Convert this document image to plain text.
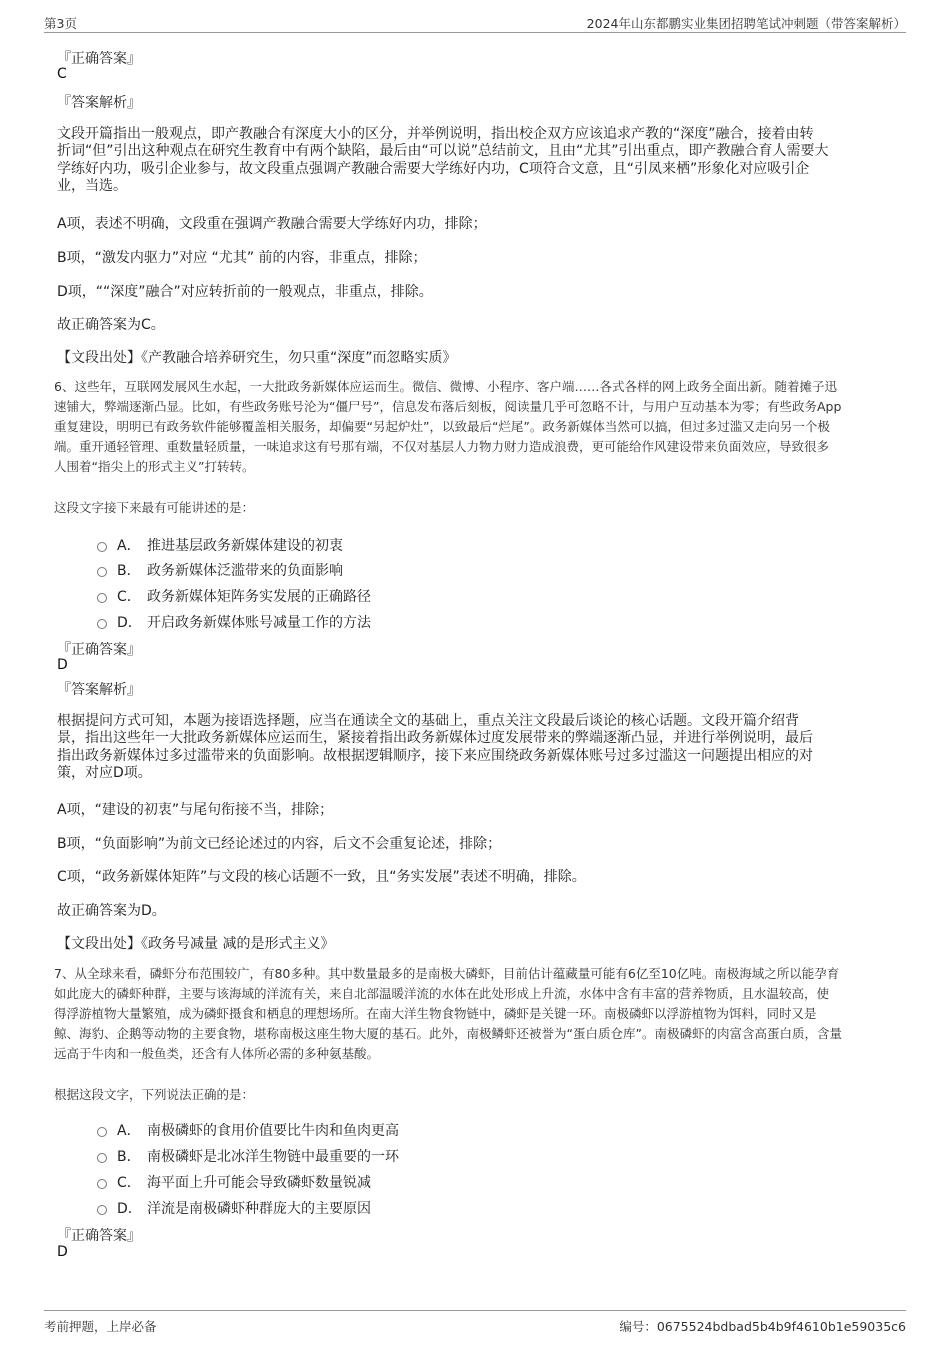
第3页	2024年山东都鹏实业集团招聘笔试冲刺题（带答案解析）
『正确答案』
C
『答案解析』
文段开篇指出一般观点，即产教融合有深度大小的区分，并举例说明，指出校企双方应该追求产教的“深度”融合，接着由转
折词“但”引出这种观点在研究生教育中有两个缺陷，最后由“可以说”总结前文，且由“尤其”引出重点，即产教融合育人需要大
学练好内功，吸引企业参与，故文段重点强调产教融合需要大学练好内功，C项符合文意，且“引凤来栖”形象化对应吸引企
业，当选。
A项，表述不明确，文段重在强调产教融合需要大学练好内功，排除；
B项，“激发内驱力”对应 “尤其” 前的内容，非重点，排除；
D项，““深度”融合”对应转折前的一般观点，非重点，排除。
故正确答案为C。
【文段出处】《产教融合培养研究生，勿只重“深度”而忽略实质》
6、这些年，互联网发展风生水起，一大批政务新媒体应运而生。微信、微博、小程序、客户端……各式各样的网上政务全面出新。随着摊子迅
速铺大，弊端逐渐凸显。比如，有些政务账号沦为“僵尸号”，信息发布落后刻板，阅读量几乎可忽略不计，与用户互动基本为零；有些政务App
重复建设，明明已有政务软件能够覆盖相关服务，却偏要“另起炉灶”，以致最后“烂尾”。政务新媒体当然可以搞，但过多过滥又走向另一个极
端。重开通轻管理、重数量轻质量，一味追求这有号那有端，不仅对基层人力物力财力造成浪费，更可能给作风建设带来负面效应，导致很多
人围着“指尖上的形式主义”打转转。
这段文字接下来最有可能讲述的是：
A． 推进基层政务新媒体建设的初衷
B． 政务新媒体泛滥带来的负面影响
C． 政务新媒体矩阵务实发展的正确路径
D． 开启政务新媒体账号减量工作的方法
『正确答案』
D
『答案解析』
根据提问方式可知，本题为接语选择题，应当在通读全文的基础上，重点关注文段最后谈论的核心话题。文段开篇介绍背
景，指出这些年一大批政务新媒体应运而生，紧接着指出政务新媒体过度发展带来的弊端逐渐凸显，并进行举例说明，最后
指出政务新媒体过多过滥带来的负面影响。故根据逻辑顺序，接下来应围绕政务新媒体账号过多过滥这一问题提出相应的对
策，对应D项。
A项，“建设的初衷”与尾句衔接不当，排除；
B项，“负面影响”为前文已经论述过的内容，后文不会重复论述，排除；
C项，“政务新媒体矩阵”与文段的核心话题不一致，且“务实发展”表述不明确，排除。
故正确答案为D。
【文段出处】《政务号减量 减的是形式主义》
7、从全球来看，磷虾分布范围较广，有80多种。其中数量最多的是南极大磷虾，目前估计蕴藏量可能有6亿至10亿吨。南极海域之所以能孕育
如此庞大的磷虾种群，主要与该海域的洋流有关，来自北部温暖洋流的水体在此处形成上升流，水体中含有丰富的营养物质，且水温较高，使
得浮游植物大量繁殖，成为磷虾摄食和栖息的理想场所。在南大洋生物食物链中，磷虾是关键一环。南极磷虾以浮游植物为饵料，同时又是
鲸、海豹、企鹅等动物的主要食物，堪称南极这座生物大厦的基石。此外，南极鳞虾还被誉为“蛋白质仓库”。南极磷虾的肉富含高蛋白质，含量
远高于牛肉和一般鱼类，还含有人体所必需的多种氨基酸。
根据这段文字，下列说法正确的是：
A． 南极磷虾的食用价值要比牛肉和鱼肉更高
B． 南极磷虾是北冰洋生物链中最重要的一环
C． 海平面上升可能会导致磷虾数量锐减
D． 洋流是南极磷虾种群庞大的主要原因
『正确答案』
D
考前押题，上岸必备	编号：0675524bdbad5b4b9f4610b1e59035c6
